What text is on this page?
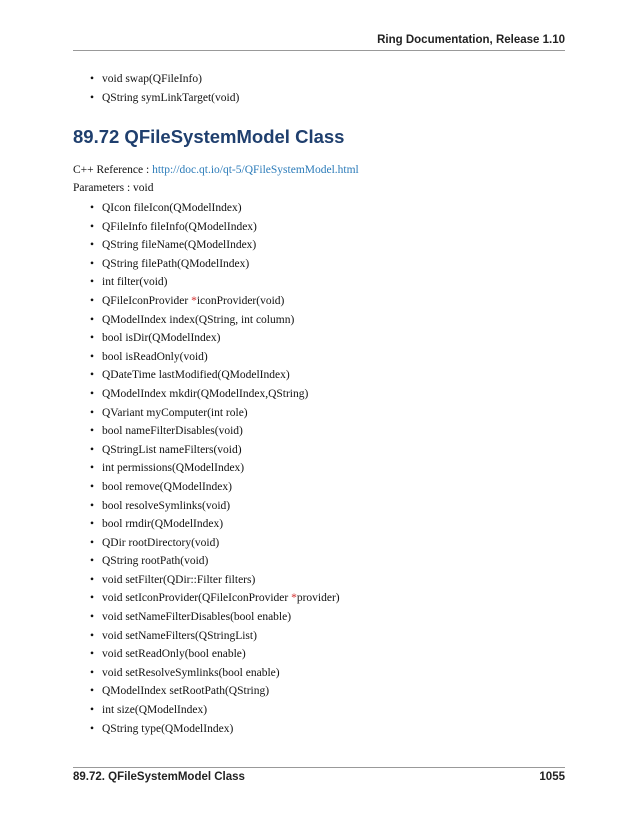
Ring Documentation, Release 1.10
• void swap(QFileInfo)
• QString symLinkTarget(void)
89.72 QFileSystemModel Class
C++ Reference : http://doc.qt.io/qt-5/QFileSystemModel.html
Parameters : void
• QIcon fileIcon(QModelIndex)
• QFileInfo fileInfo(QModelIndex)
• QString fileName(QModelIndex)
• QString filePath(QModelIndex)
• int filter(void)
• QFileIconProvider *iconProvider(void)
• QModelIndex index(QString, int column)
• bool isDir(QModelIndex)
• bool isReadOnly(void)
• QDateTime lastModified(QModelIndex)
• QModelIndex mkdir(QModelIndex,QString)
• QVariant myComputer(int role)
• bool nameFilterDisables(void)
• QStringList nameFilters(void)
• int permissions(QModelIndex)
• bool remove(QModelIndex)
• bool resolveSymlinks(void)
• bool rmdir(QModelIndex)
• QDir rootDirectory(void)
• QString rootPath(void)
• void setFilter(QDir::Filter filters)
• void setIconProvider(QFileIconProvider *provider)
• void setNameFilterDisables(bool enable)
• void setNameFilters(QStringList)
• void setReadOnly(bool enable)
• void setResolveSymlinks(bool enable)
• QModelIndex setRootPath(QString)
• int size(QModelIndex)
• QString type(QModelIndex)
89.72. QFileSystemModel Class	1055
